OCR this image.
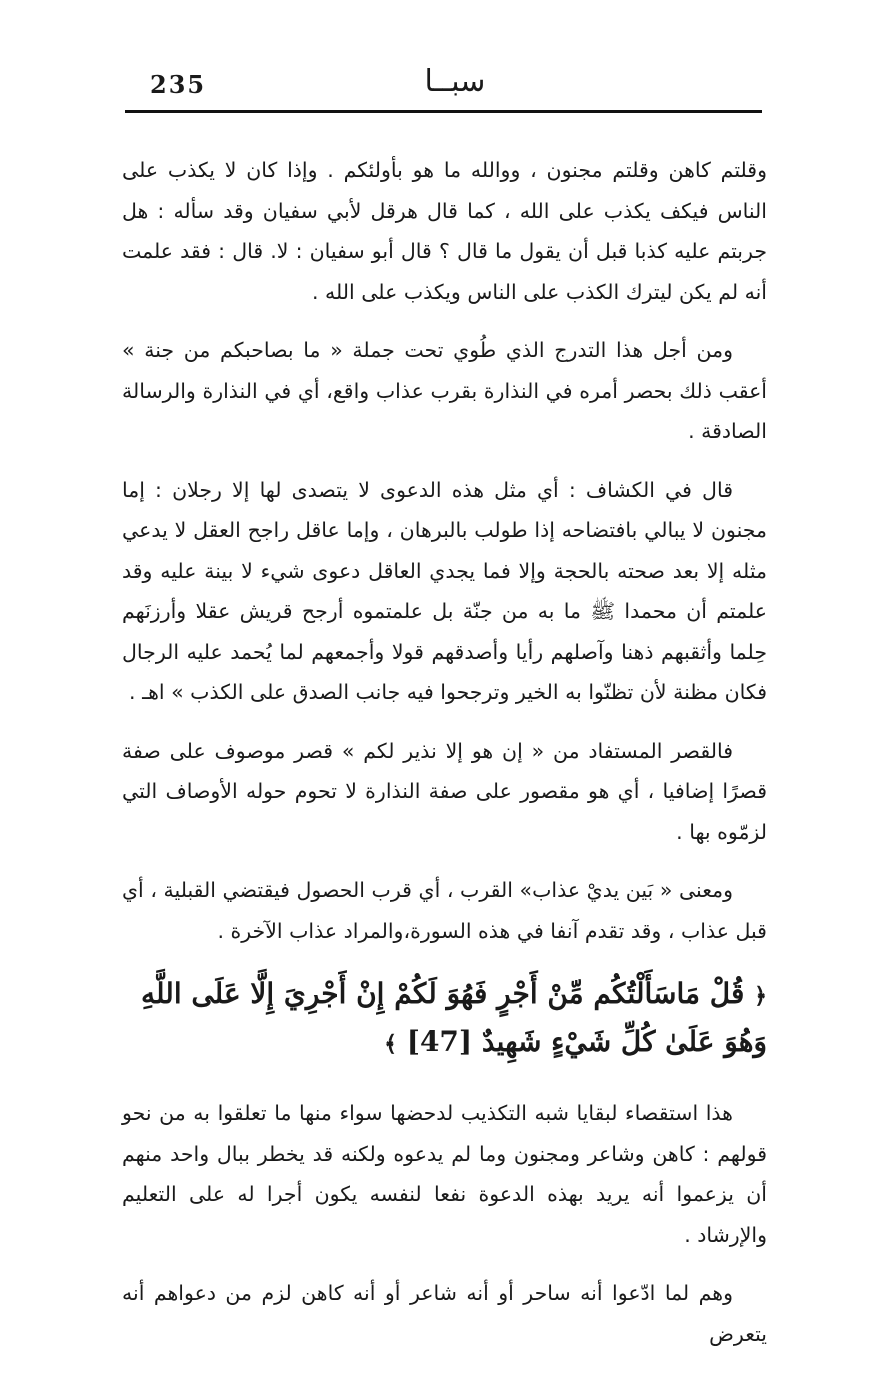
235	سبــا

وقلتم كاهن وقلتم مجنون ، ووالله ما هو بأولئكم . وإذا كان لا يكذب على الناس فيكف يكذب على الله ، كما قال هرقل لأبي سفيان وقد سأله : هل جربتم عليه كذبا قبل أن يقول ما قال ؟ قال أبو سفيان : لا. قال : فقد علمت أنه لم يكن ليترك الكذب على الناس ويكذب على الله .

ومن أجل هذا التدرج الذي طُوي تحت جملة « ما بصاحبكم من جنة » أعقب ذلك بحصر أمره في النذارة بقرب عذاب واقع، أي في النذارة والرسالة الصادقة .

قال في الكشاف : أي مثل هذه الدعوى لا يتصدى لها إلا رجلان : إما مجنون لا يبالي بافتضاحه إذا طولب بالبرهان ، وإما عاقل راجح العقل لا يدعي مثله إلا بعد صحته بالحجة وإلا فما يجدي العاقل دعوى شيء لا بينة عليه وقد علمتم أن محمدا ﷺ ما به من جنّة بل علمتموه أرجح قريش عقلا وأرزنَهم حِلما وأثقبهم ذهنا وآصلهم رأيا وأصدقهم قولا وأجمعهم لما يُحمد عليه الرجال فكان مظنة لأن تظنّوا به الخير وترجحوا فيه جانب الصدق على الكذب » اهـ .

فالقصر المستفاد من « إن هو إلا نذير لكم » قصر موصوف على صفة قصرًا إضافيا ، أي هو مقصور على صفة النذارة لا تحوم حوله الأوصاف التي لزمّوه بها .

ومعنى « بَين يديْ عذاب» القرب ، أي قرب الحصول فيقتضي القبلية ، أي قبل عذاب ، وقد تقدم آنفا في هذه السورة،والمراد عذاب الآخرة .

﴿ قُلْ مَاسَأَلْتُكُم مِّنْ أَجْرٍ فَهُوَ لَكُمْ إِنْ أَجْرِيَ إِلَّا عَلَى اللَّهِ وَهُوَ عَلَىٰ كُلِّ شَيْءٍ شَهِيدٌ [47] ﴾

هذا استقصاء لبقايا شبه التكذيب لدحضها سواء منها ما تعلقوا به من نحو قولهم : كاهن وشاعر ومجنون وما لم يدعوه ولكنه قد يخطر ببال واحد منهم أن يزعموا أنه يريد بهذه الدعوة نفعا لنفسه يكون أجرا له على التعليم والإرشاد .

وهم لما ادّعوا أنه ساحر أو أنه شاعر أو أنه كاهن لزم من دعواهم أنه يتعرض
